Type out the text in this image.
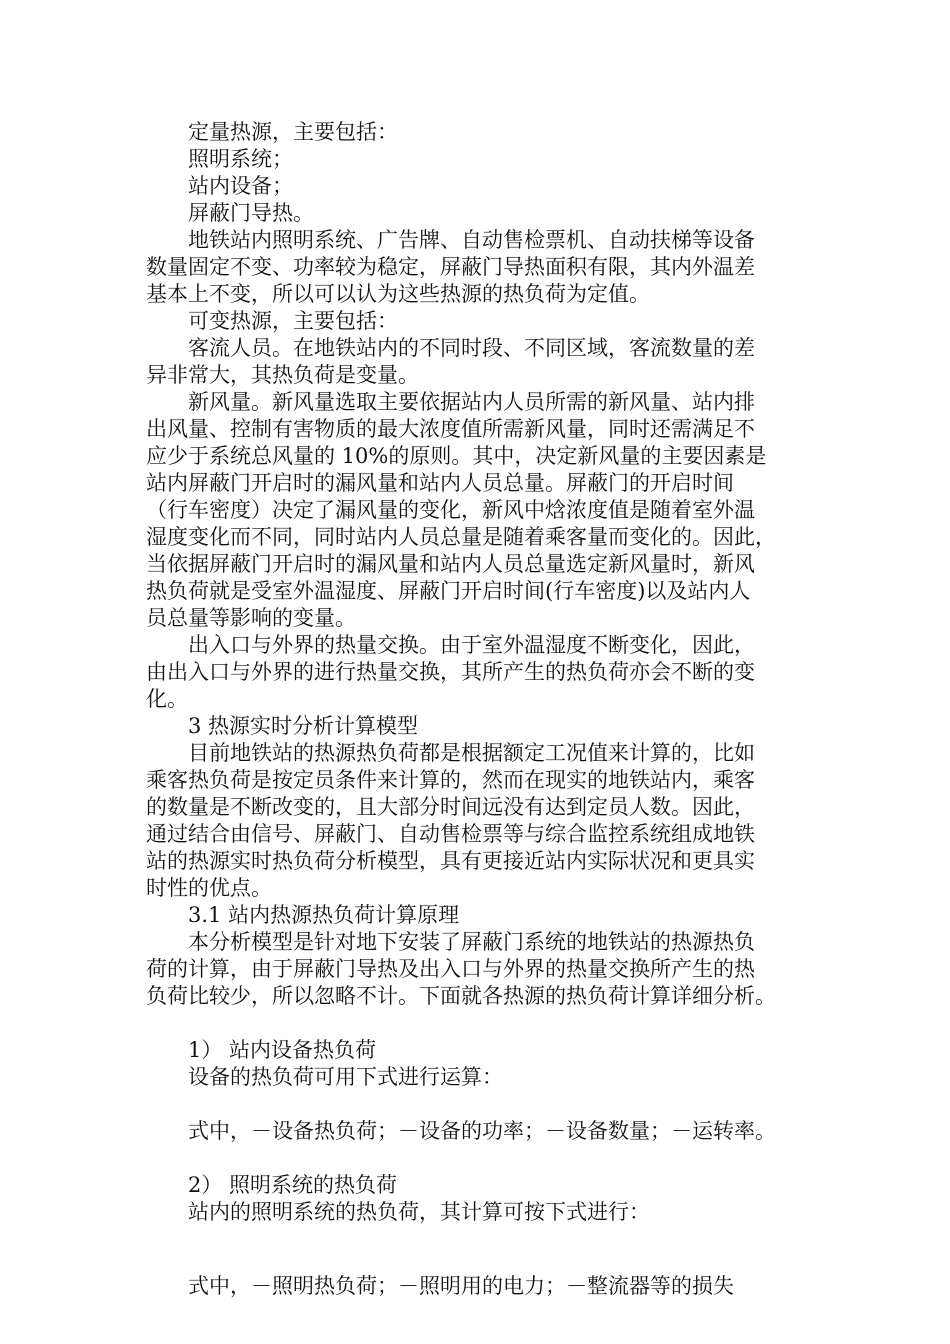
定量热源，主要包括：
照明系统；
站内设备；
屏蔽门导热。
地铁站内照明系统、广告牌、自动售检票机、自动扶梯等设备
数量固定不变、功率较为稳定，屏蔽门导热面积有限，其内外温差
基本上不变，所以可以认为这些热源的热负荷为定值。
可变热源，主要包括：
客流人员。在地铁站内的不同时段、不同区域，客流数量的差
异非常大，其热负荷是变量。
新风量。新风量选取主要依据站内人员所需的新风量、站内排
出风量、控制有害物质的最大浓度值所需新风量，同时还需满足不
应少于系统总风量的 10%的原则。其中，决定新风量的主要因素是
站内屏蔽门开启时的漏风量和站内人员总量。屏蔽门的开启时间
（行车密度）决定了漏风量的变化，新风中焓浓度值是随着室外温
湿度变化而不同，同时站内人员总量是随着乘客量而变化的。因此，
当依据屏蔽门开启时的漏风量和站内人员总量选定新风量时，新风
热负荷就是受室外温湿度、屏蔽门开启时间(行车密度)以及站内人
员总量等影响的变量。
出入口与外界的热量交换。由于室外温湿度不断变化，因此，
由出入口与外界的进行热量交换，其所产生的热负荷亦会不断的变
化。
3 热源实时分析计算模型
目前地铁站的热源热负荷都是根据额定工况值来计算的，比如
乘客热负荷是按定员条件来计算的，然而在现实的地铁站内，乘客
的数量是不断改变的，且大部分时间远没有达到定员人数。因此，
通过结合由信号、屏蔽门、自动售检票等与综合监控系统组成地铁
站的热源实时热负荷分析模型，具有更接近站内实际状况和更具实
时性的优点。
3.1 站内热源热负荷计算原理
本分析模型是针对地下安装了屏蔽门系统的地铁站的热源热负
荷的计算，由于屏蔽门导热及出入口与外界的热量交换所产生的热
负荷比较少，所以忽略不计。下面就各热源的热负荷计算详细分析。
1） 站内设备热负荷
设备的热负荷可用下式进行运算：
式中，－设备热负荷；－设备的功率；－设备数量；－运转率。
2） 照明系统的热负荷
站内的照明系统的热负荷，其计算可按下式进行：
式中，－照明热负荷；－照明用的电力；－整流器等的损失
